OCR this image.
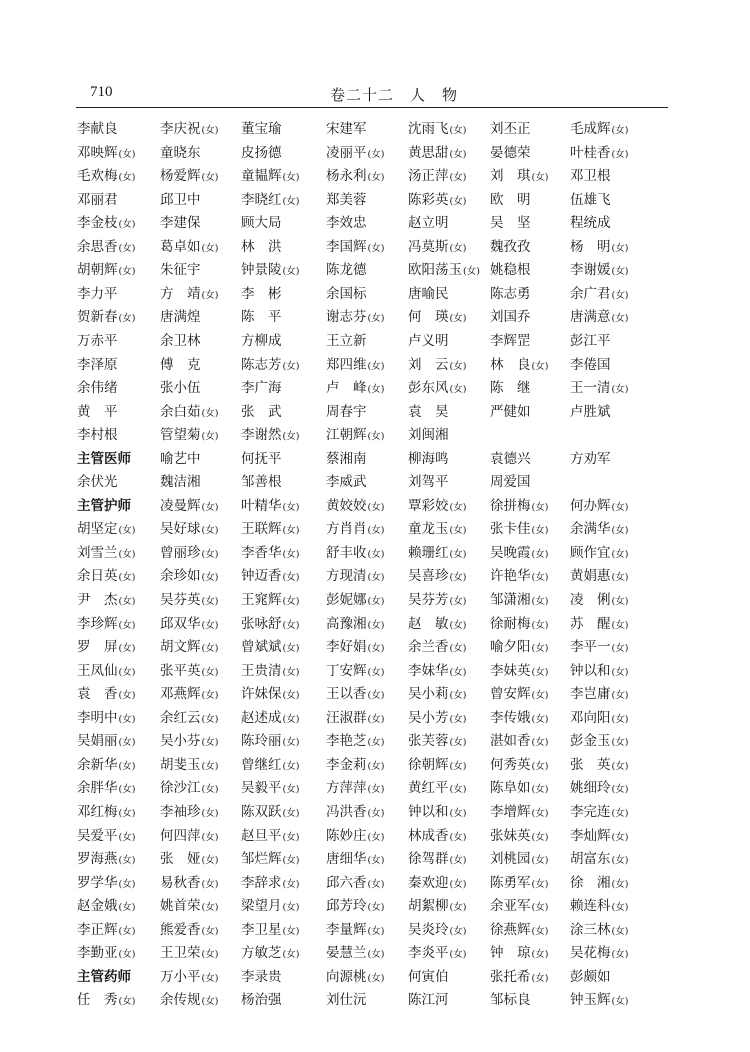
710	卷二十二　人　物
李献良	李庆祝(女) 董宝瑜	宋建军	沈雨飞(女) 刘丕正	毛成辉(女)
邓映辉(女) 童晓东	皮扬德	凌丽平(女) 黄思甜(女) 晏德荣	叶桂香(女)
毛欢梅(女) 杨爱辉(女) 童韫辉(女) 杨永利(女) 汤正萍(女) 刘　琪(女) 邓卫根
邓丽君	邱卫中	李晓红(女) 郑美蓉	陈彩英(女) 欧　明	伍雄飞
李金枝(女) 李建保	顾大局	李效忠	赵立明	吴　坚	程统成
余思香(女) 葛卓如(女) 林　洪	李国辉(女) 冯莫斯(女) 魏孜孜	杨　明(女)
胡朝辉(女) 朱征宇	钟景陵(女) 陈龙德	欧阳荡玉(女) 姚稳根	李谢媛(女)
李力平	方　靖(女) 李　彬	余国标	唐喻民	陈志勇	余广君(女)
贺新春(女) 唐满煌	陈　平	谢志芬(女) 何　瑛(女) 刘国乔	唐满意(女)
万赤平	余卫林	方柳成	王立新	卢义明	李辉罡	彭江平
李泽原	傅　克	陈志芳(女) 郑四维(女) 刘　云(女) 林　良(女) 李倦国
余伟绪	张小伍	李广海	卢　峰(女) 彭东风(女) 陈　继	王一清(女)
黄　平	余白茹(女) 张　武	周春宇	袁　昊	严健如	卢胜斌
李村根	管望菊(女) 李谢然(女) 江朝辉(女) 刘闽湘
主管医师 喻艺中	何抚平	蔡湘南	柳海鸣	袁德兴	方劝军
余伏光	魏洁湘	邹善根	李威武	刘驾平	周爱国
主管护师 凌曼辉(女) 叶精华(女) 黄姣姣(女) 覃彩姣(女) 徐拼梅(女) 何办辉(女)
胡坚定(女) 吴好球(女) 王联辉(女) 方肖肖(女) 童龙玉(女) 张卡佳(女) 余满华(女)
刘雪兰(女) 曾丽珍(女) 李香华(女) 舒丰收(女) 赖珊红(女) 吴晚霞(女) 顾作宜(女)
余日英(女) 余珍如(女) 钟迈香(女) 方现清(女) 吴喜珍(女) 许艳华(女) 黄娟惠(女)
尹　杰(女) 吴芬英(女) 王窕辉(女) 彭妮娜(女) 吴芬芳(女) 邹潇湘(女) 凌　俐(女)
李珍辉(女) 邱双华(女) 张咏舒(女) 高豫湘(女) 赵　敏(女) 徐耐梅(女) 苏　醒(女)
罗　屏(女) 胡文辉(女) 曾斌斌(女) 李好娟(女) 余兰香(女) 喻夕阳(女) 李平一(女)
王凤仙(女) 张平英(女) 王贵清(女) 丁安辉(女) 李妹华(女) 李妹英(女) 钟以和(女)
袁　香(女) 邓燕辉(女) 许妹保(女) 王以香(女) 吴小莉(女) 曾安辉(女) 李岂庸(女)
李明中(女) 余红云(女) 赵述成(女) 汪淑群(女) 吴小芳(女) 李传娥(女) 邓向阳(女)
吴娟丽(女) 吴小芬(女) 陈玲丽(女) 李艳芝(女) 张芙蓉(女) 湛如香(女) 彭金玉(女)
余新华(女) 胡斐玉(女) 曾继红(女) 李金莉(女) 徐朝辉(女) 何秀英(女) 张　英(女)
余胖华(女) 徐沙江(女) 吴毅平(女) 方萍萍(女) 黄红平(女) 陈阜如(女) 姚细玲(女)
邓红梅(女) 李袖珍(女) 陈双跃(女) 冯洪香(女) 钟以和(女) 李增辉(女) 李完连(女)
吴爱平(女) 何四萍(女) 赵旦平(女) 陈妙庄(女) 林成香(女) 张妹英(女) 李灿辉(女)
罗海燕(女) 张　娅(女) 邹烂辉(女) 唐细华(女) 徐驾群(女) 刘桃园(女) 胡富东(女)
罗学华(女) 易秋香(女) 李辞求(女) 邱六香(女) 秦欢迎(女) 陈勇军(女) 徐　湘(女)
赵金娥(女) 姚首荣(女) 梁望月(女) 邱芳玲(女) 胡絮柳(女) 余亚军(女) 赖连科(女)
李正辉(女) 熊爱香(女) 李卫星(女) 李量辉(女) 吴炎玲(女) 徐燕辉(女) 涂三林(女)
李勤亚(女) 王卫荣(女) 方敏芝(女) 晏慧兰(女) 李炎平(女) 钟　琼(女) 吴花梅(女)
主管药师 万小平(女) 李录贵	向源桃(女) 何寅伯	张托希(女) 彭颇如
任　秀(女) 余传规(女) 杨治强	刘仕沅	陈江河	邹标良	钟玉辉(女)
